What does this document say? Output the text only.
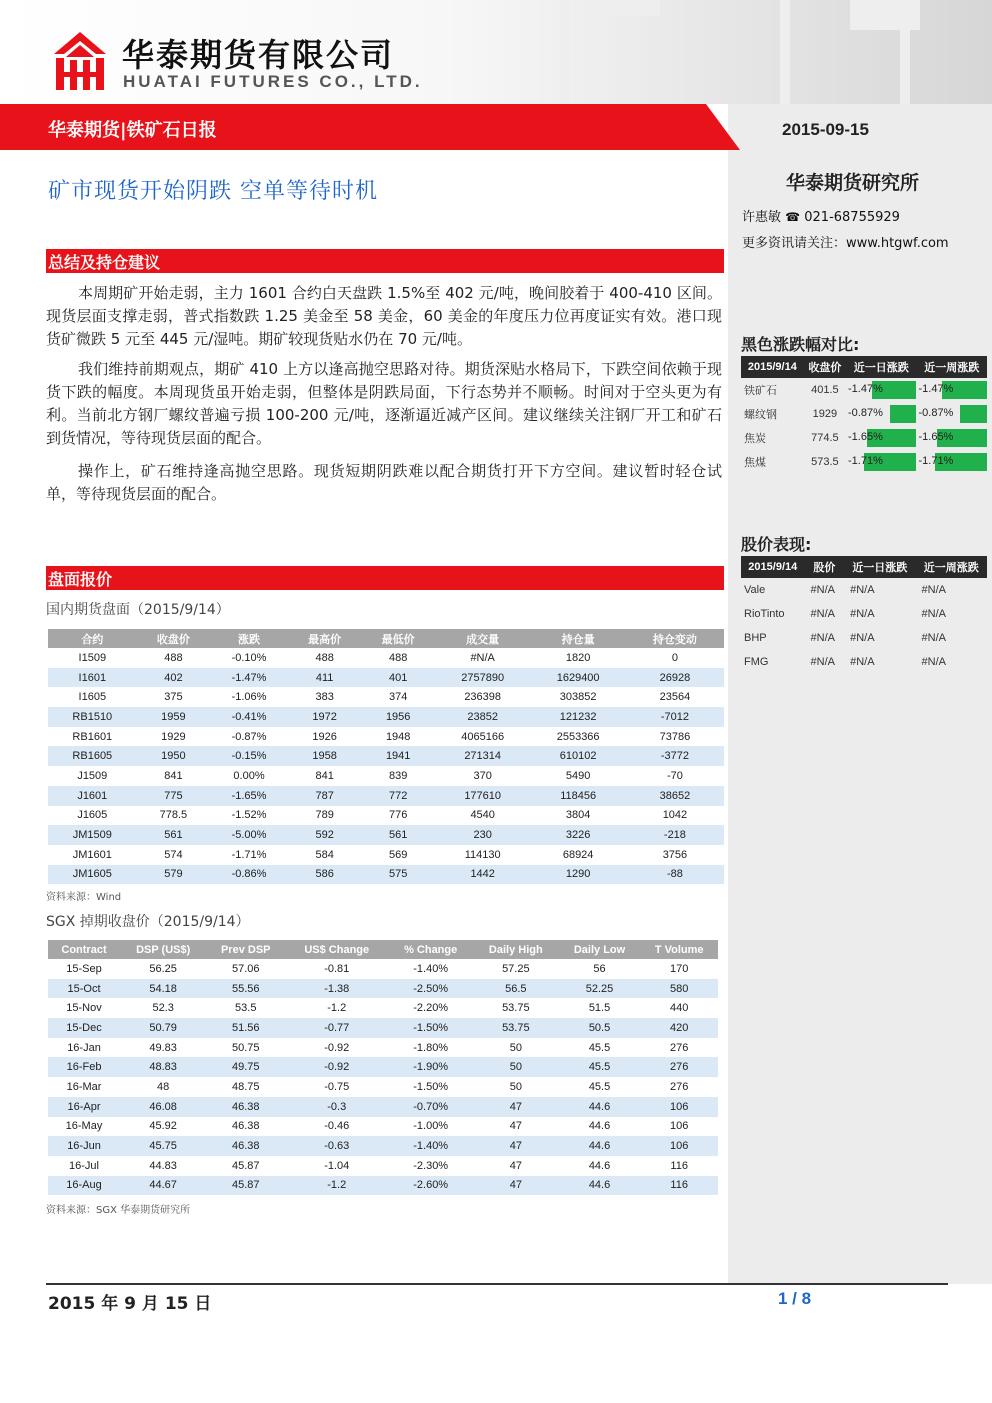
华泰期货有限公司
HUATAI FUTURES CO., LTD.
华泰期货|铁矿石日报	2015-09-15
矿市现货开始阴跌 空单等待时机
总结及持仓建议

本周期矿开始走弱，主力 1601 合约白天盘跌 1.5%至 402 元/吨，晚间胶着于 400-410 区间。现货层面支撑走弱，普式指数跌 1.25 美金至 58 美金，60 美金的年度压力位再度证实有效。港口现货矿微跌 5 元至 445 元/湿吨。期矿较现货贴水仍在 70 元/吨。

我们维持前期观点，期矿 410 上方以逢高抛空思路对待。期货深贴水格局下，下跌空间依赖于现货下跌的幅度。本周现货虽开始走弱，但整体是阴跌局面，下行态势并不顺畅。时间对于空头更为有利。当前北方钢厂螺纹普遍亏损 100-200 元/吨，逐渐逼近减产区间。建议继续关注钢厂开工和矿石到货情况，等待现货层面的配合。

操作上，矿石维持逢高抛空思路。现货短期阴跌难以配合期货打开下方空间。建议暂时轻仓试单，等待现货层面的配合。

盘面报价
国内期货盘面（2015/9/14）
合约	收盘价	涨跌	最高价	最低价	成交量	持仓量	持仓变动
I1509	488	-0.10%	488	488	#N/A	1820	0
I1601	402	-1.47%	411	401	2757890	1629400	26928
I1605	375	-1.06%	383	374	236398	303852	23564
RB1510	1959	-0.41%	1972	1956	23852	121232	-7012
RB1601	1929	-0.87%	1926	1948	4065166	2553366	73786
RB1605	1950	-0.15%	1958	1941	271314	610102	-3772
J1509	841	0.00%	841	839	370	5490	-70
J1601	775	-1.65%	787	772	177610	118456	38652
J1605	778.5	-1.52%	789	776	4540	3804	1042
JM1509	561	-5.00%	592	561	230	3226	-218
JM1601	574	-1.71%	584	569	114130	68924	3756
JM1605	579	-0.86%	586	575	1442	1290	-88
资料来源：Wind
SGX 掉期收盘价（2015/9/14）
Contract	DSP (US$)	Prev DSP	US$ Change	% Change	Daily High	Daily Low	T Volume
15-Sep	56.25	57.06	-0.81	-1.40%	57.25	56	170
15-Oct	54.18	55.56	-1.38	-2.50%	56.5	52.25	580
15-Nov	52.3	53.5	-1.2	-2.20%	53.75	51.5	440
15-Dec	50.79	51.56	-0.77	-1.50%	53.75	50.5	420
16-Jan	49.83	50.75	-0.92	-1.80%	50	45.5	276
16-Feb	48.83	49.75	-0.92	-1.90%	50	45.5	276
16-Mar	48	48.75	-0.75	-1.50%	50	45.5	276
16-Apr	46.08	46.38	-0.3	-0.70%	47	44.6	106
16-May	45.92	46.38	-0.46	-1.00%	47	44.6	106
16-Jun	45.75	46.38	-0.63	-1.40%	47	44.6	106
16-Jul	44.83	45.87	-1.04	-2.30%	47	44.6	116
16-Aug	44.67	45.87	-1.2	-2.60%	47	44.6	116
资料来源：SGX 华泰期货研究所
华泰期货研究所
许惠敏 ☎ 021-68755929
更多资讯请关注：www.htgwf.com
黑色涨跌幅对比:
2015/9/14	收盘价	近一日涨跌	近一周涨跌
铁矿石	401.5	-1.47%	-1.47%

螺纹钢	1929	-0.87%	-0.87%

焦炭	774.5	-1.65%	-1.65%

焦煤	573.5	-1.71%	-1.71%
股价表现:
2015/9/14	股价	近一日涨跌	近一周涨跌
Vale	#N/A	#N/A	#N/A
RioTinto	#N/A	#N/A	#N/A
BHP	#N/A	#N/A	#N/A
FMG	#N/A	#N/A	#N/A
2015 年 9 月 15 日	1 / 8
